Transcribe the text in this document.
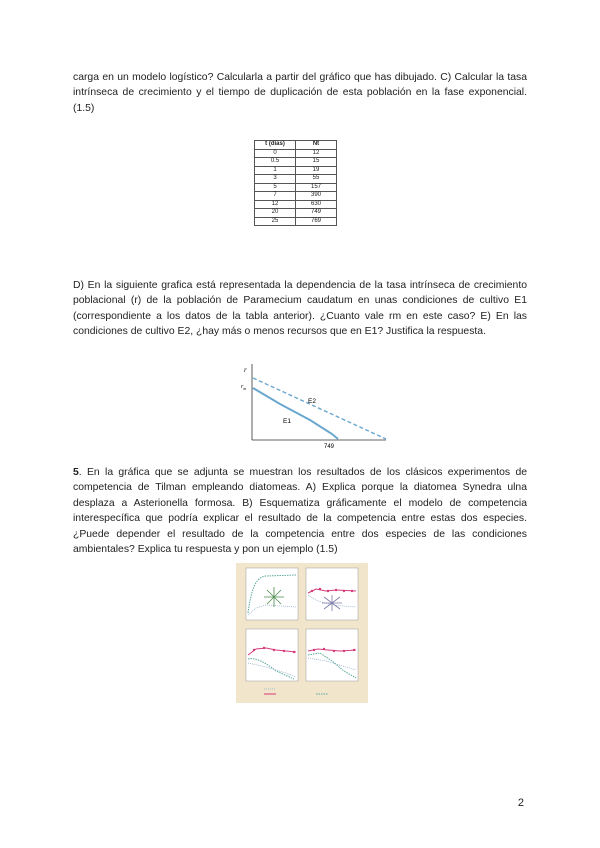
carga en un modelo logístico? Calcularla a partir del gráfico que has dibujado. C) Calcular la tasa intrínseca de crecimiento y el tiempo de duplicación de esta población en la fase exponencial. (1.5)

t (días)	Nt
0	12
0.5	15
1	19
3	55
5	157
7	390
12	630
20	749
25	769

D) En la siguiente grafica está representada la dependencia de la tasa intrínseca de crecimiento poblacional (r) de la población de Paramecium caudatum en unas condiciones de cultivo E1 (correspondiente a los datos de la tabla anterior). ¿Cuanto vale rm en este caso? E) En las condiciones de cultivo E2, ¿hay más o menos recursos que en E1? Justifica la respuesta.

r
$r_m$
E2
E1
749

5. En la gráfica que se adjunta se muestran los resultados de los clásicos experimentos de competencia de Tilman empleando diatomeas. A) Explica porque la diatomea Synedra ulna desplaza a Asterionella formosa. B) Esquematiza gráficamente el modelo de competencia interespecífica que podría explicar el resultado de la competencia entre estas dos especies. ¿Puede depender el resultado de la competencia entre dos especies de las condiciones ambientales? Explica tu respuesta y pon un ejemplo (1.5)

2
